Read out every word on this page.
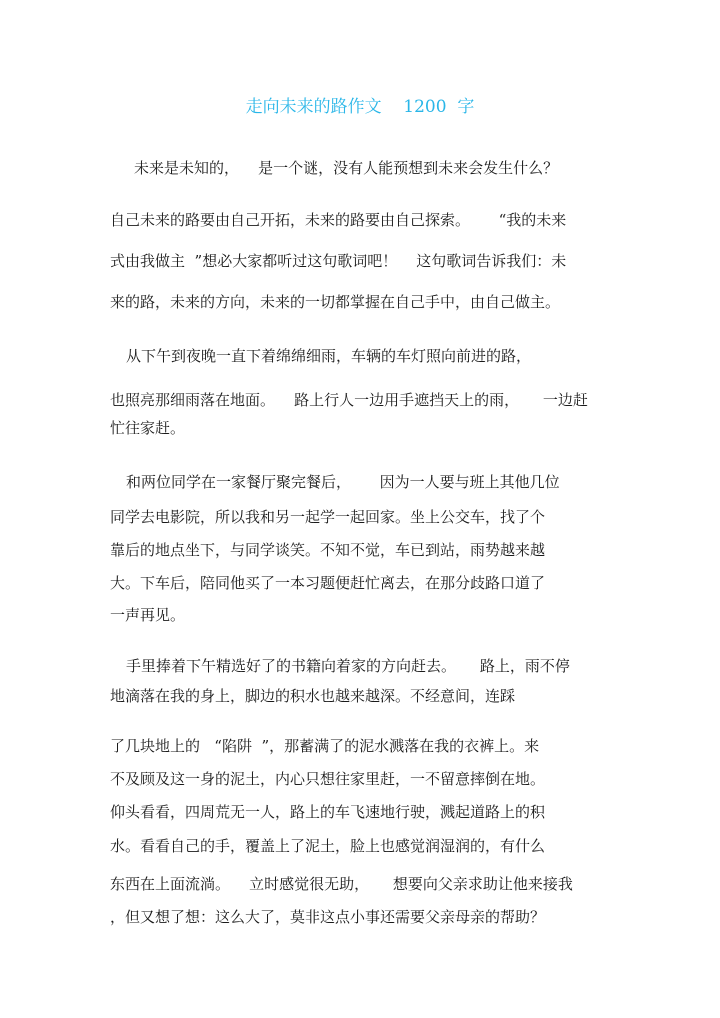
走向未来的路作文    1200  字
未来是未知的，    是一个谜，没有人能预想到未来会发生什么？
自己未来的路要由自己开拓，未来的路要由自己探索。      “我的未来
式由我做主  ”想必大家都听过这句歌词吧！    这句歌词告诉我们：未
来的路，未来的方向，未来的一切都掌握在自己手中，由自己做主。
从下午到夜晚一直下着绵绵细雨，车辆的车灯照向前进的路，
也照亮那细雨落在地面。    路上行人一边用手遮挡天上的雨，     一边赶
忙往家赶。
和两位同学在一家餐厅聚完餐后，      因为一人要与班上其他几位
同学去电影院，所以我和另一起学一起回家。坐上公交车，找了个
靠后的地点坐下，与同学谈笑。不知不觉，车已到站，雨势越来越
大。下车后，陪同他买了一本习题便赶忙离去，在那分歧路口道了
一声再见。
手里捧着下午精选好了的书籍向着家的方向赶去。     路上，雨不停
地滴落在我的身上，脚边的积水也越来越深。不经意间，连踩
了几块地上的   “陷阱  ”，那蓄满了的泥水溅落在我的衣裤上。来
不及顾及这一身的泥土，内心只想往家里赶，一不留意摔倒在地。
仰头看看，四周荒无一人，路上的车飞速地行驶，溅起道路上的积
水。看看自己的手，覆盖上了泥土，脸上也感觉润湿润的，有什么
东西在上面流淌。    立时感觉很无助，     想要向父亲求助让他来接我
，但又想了想：这么大了，莫非这点小事还需要父亲母亲的帮助？
